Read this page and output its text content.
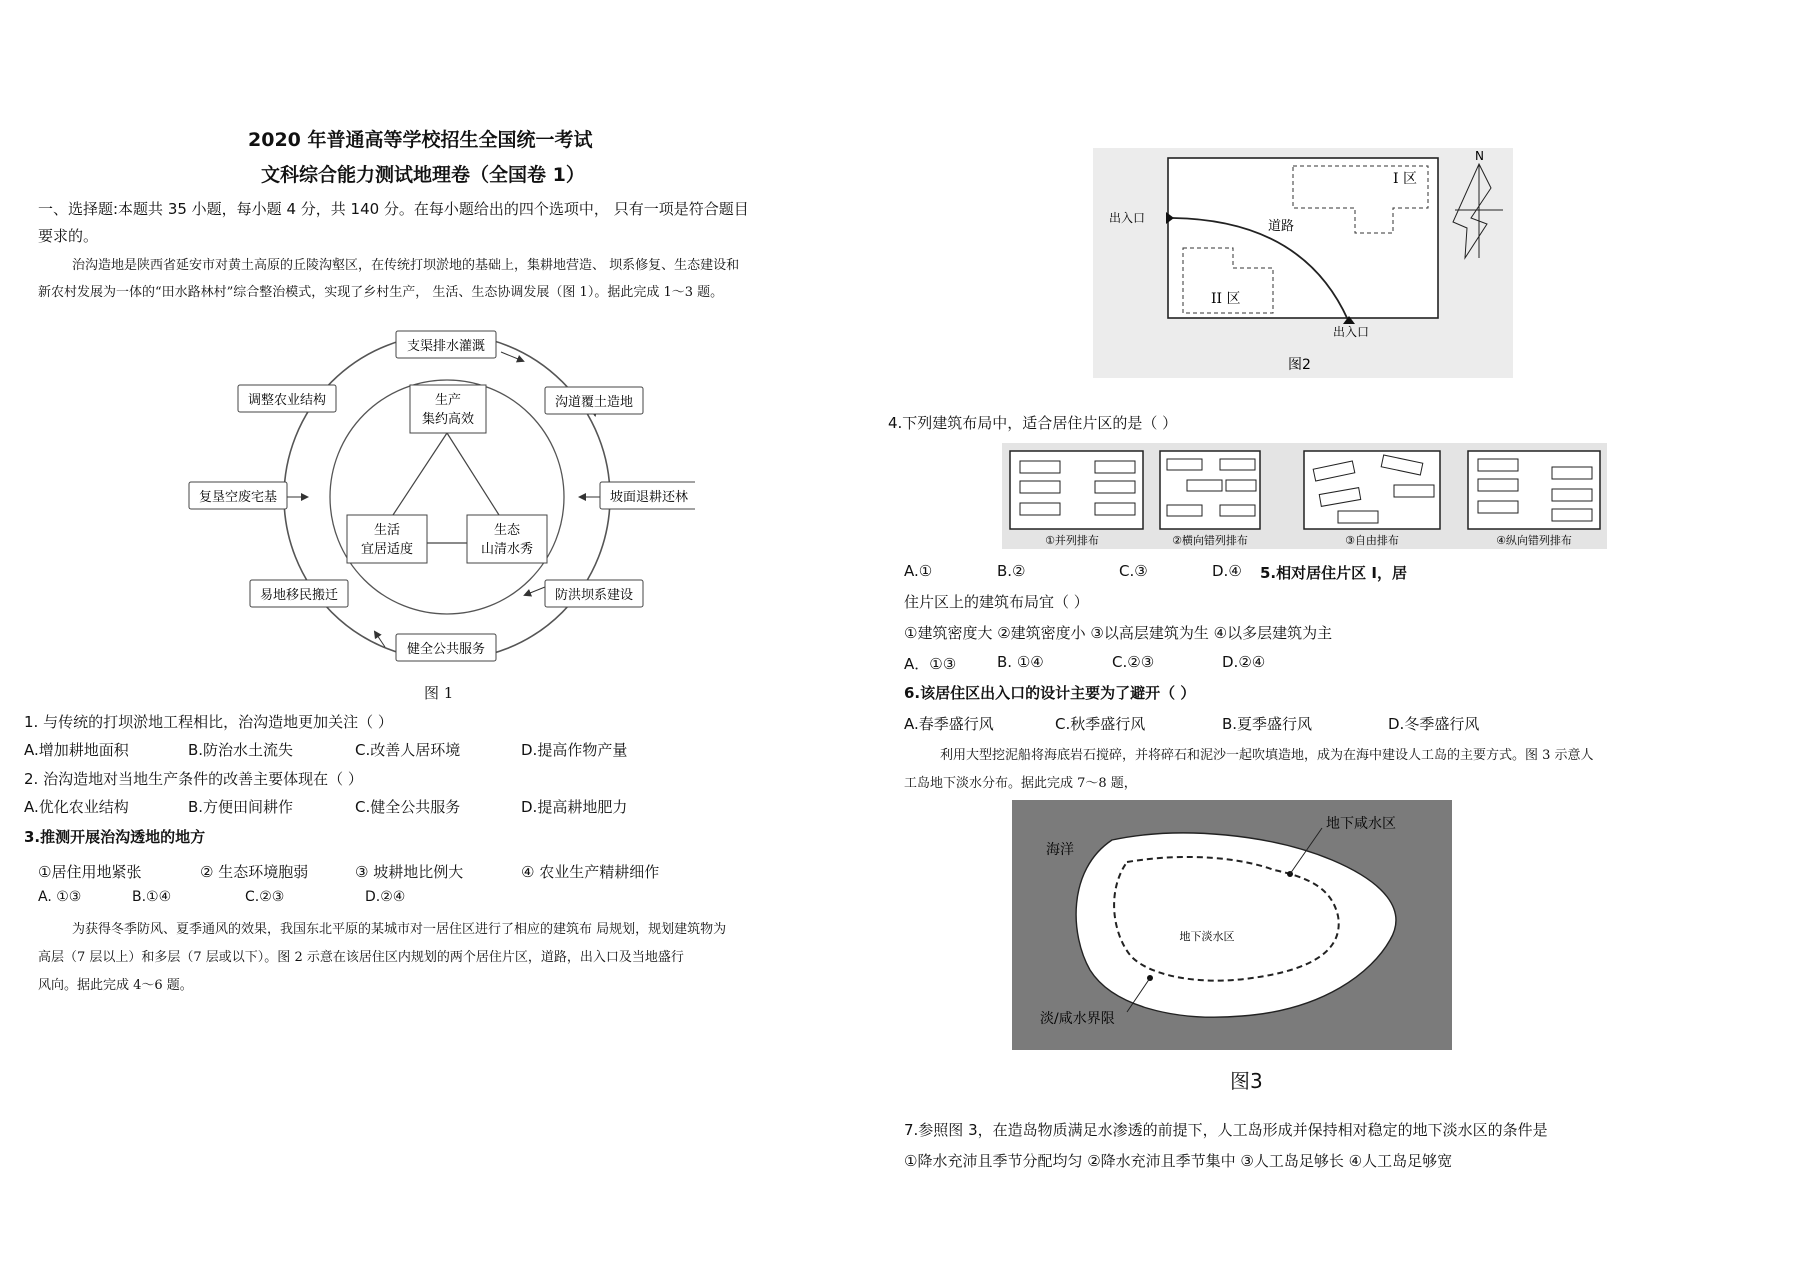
2020 年普通高等学校招生全国统一考试
文科综合能力测试地理卷（全国卷 1）
一、选择题:本题共 35 小题，每小题 4 分，共 140 分。在每小题给出的四个选项中， 只有一项是符合题目
要求的。
治沟造地是陕西省延安市对黄土高原的丘陵沟壑区，在传统打坝淤地的基础上，集耕地营造、 坝系修复、生态建设和
新农村发展为一体的“田水路林村”综合整治模式，实现了乡村生产， 生活、生态协调发展（图 1）。据此完成 1～3 题。
生产
集约高效
生活
宜居适度
生态
山清水秀
支渠排水灌溉
沟道覆土造地
坡面退耕还林
防洪坝系建设
健全公共服务
易地移民搬迁
复垦空废宅基
调整农业结构
图 1
1. 与传统的打坝淤地工程相比，治沟造地更加关注（ ）
A.增加耕地面积	B.防治水土流失	C.改善人居环境	D.提高作物产量
2. 治沟造地对当地生产条件的改善主要体现在（ ）
A.优化农业结构	B.方便田间耕作	C.健全公共服务	D.提高耕地肥力
3.推测开展治沟透地的地方
①居住用地紧张	② 生态环境胞弱	③ 坡耕地比例大	④ 农业生产精耕细作
A. ①③	B.①④	C.②③	D.②④
为获得冬季防风、夏季通风的效果，我国东北平原的某城市对一居住区进行了相应的建筑布 局规划，规划建筑物为
高层（7 层以上）和多层（7 层或以下）。图 2 示意在该居住区内规划的两个居住片区，道路，出入口及当地盛行
风向。据此完成 4～6 题。
I 区
II 区
道路
出入口
出入口
N
图2
4.下列建筑布局中，适合居住片区的是（ ）
①并列排布	②横向错列排布	③自由排布	④纵向错列排布
A.①	B.②	C.③	D.④ 5.相对居住片区 I，居
住片区上的建筑布局宜（ ）
①建筑密度大 ②建筑密度小 ③以高层建筑为生 ④以多层建筑为主
A．①③	B. ①④	C.②③	D.②④
6.该居住区出入口的设计主要为了避开（ ）
A.春季盛行风	C.秋季盛行风	B.夏季盛行风	D.冬季盛行风
利用大型挖泥船将海底岩石搅碎，并将碎石和泥沙一起吹填造地，成为在海中建设人工岛的主要方式。图 3 示意人
工岛地下淡水分布。据此完成 7～8 题，
海洋
地下咸水区
地下淡水区
淡/咸水界限
图3
7.参照图 3，在造岛物质满足水渗透的前提下，人工岛形成并保持相对稳定的地下淡水区的条件是
①降水充沛且季节分配均匀 ②降水充沛且季节集中 ③人工岛足够长 ④人工岛足够宽
